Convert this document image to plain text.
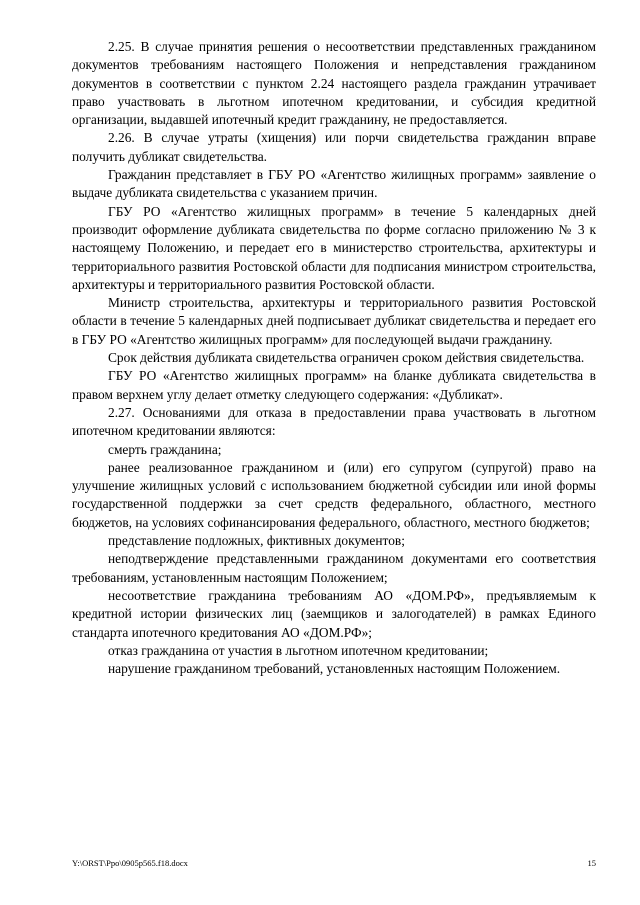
2.25. В случае принятия решения о несоответствии представленных гражданином документов требованиям настоящего Положения и непредставления гражданином документов в соответствии с пунктом 2.24 настоящего раздела гражданин утрачивает право участвовать в льготном ипотечном кредитовании, и субсидия кредитной организации, выдавшей ипотечный кредит гражданину, не предоставляется.

2.26. В случае утраты (хищения) или порчи свидетельства гражданин вправе получить дубликат свидетельства.

Гражданин представляет в ГБУ РО «Агентство жилищных программ» заявление о выдаче дубликата свидетельства с указанием причин.

ГБУ РО «Агентство жилищных программ» в течение 5 календарных дней производит оформление дубликата свидетельства по форме согласно приложению № 3 к настоящему Положению, и передает его в министерство строительства, архитектуры и территориального развития Ростовской области для подписания министром строительства, архитектуры и территориального развития Ростовской области.

Министр строительства, архитектуры и территориального развития Ростовской области в течение 5 календарных дней подписывает дубликат свидетельства и передает его в ГБУ РО «Агентство жилищных программ» для последующей выдачи гражданину.

Срок действия дубликата свидетельства ограничен сроком действия свидетельства.

ГБУ РО «Агентство жилищных программ» на бланке дубликата свидетельства в правом верхнем углу делает отметку следующего содержания: «Дубликат».

2.27. Основаниями для отказа в предоставлении права участвовать в льготном ипотечном кредитовании являются:

смерть гражданина;

ранее реализованное гражданином и (или) его супругом (супругой) право на улучшение жилищных условий с использованием бюджетной субсидии или иной формы государственной поддержки за счет средств федерального, областного, местного бюджетов, на условиях софинансирования федерального, областного, местного бюджетов;

представление подложных, фиктивных документов;

неподтверждение представленными гражданином документами его соответствия требованиям, установленным настоящим Положением;

несоответствие гражданина требованиям АО «ДОМ.РФ», предъявляемым к кредитной истории физических лиц (заемщиков и залогодателей) в рамках Единого стандарта ипотечного кредитования АО «ДОМ.РФ»;

отказ гражданина от участия в льготном ипотечном кредитовании;

нарушение гражданином требований, установленных настоящим Положением.

Y:\ORST\Ppo\0905p565.f18.docx	15
